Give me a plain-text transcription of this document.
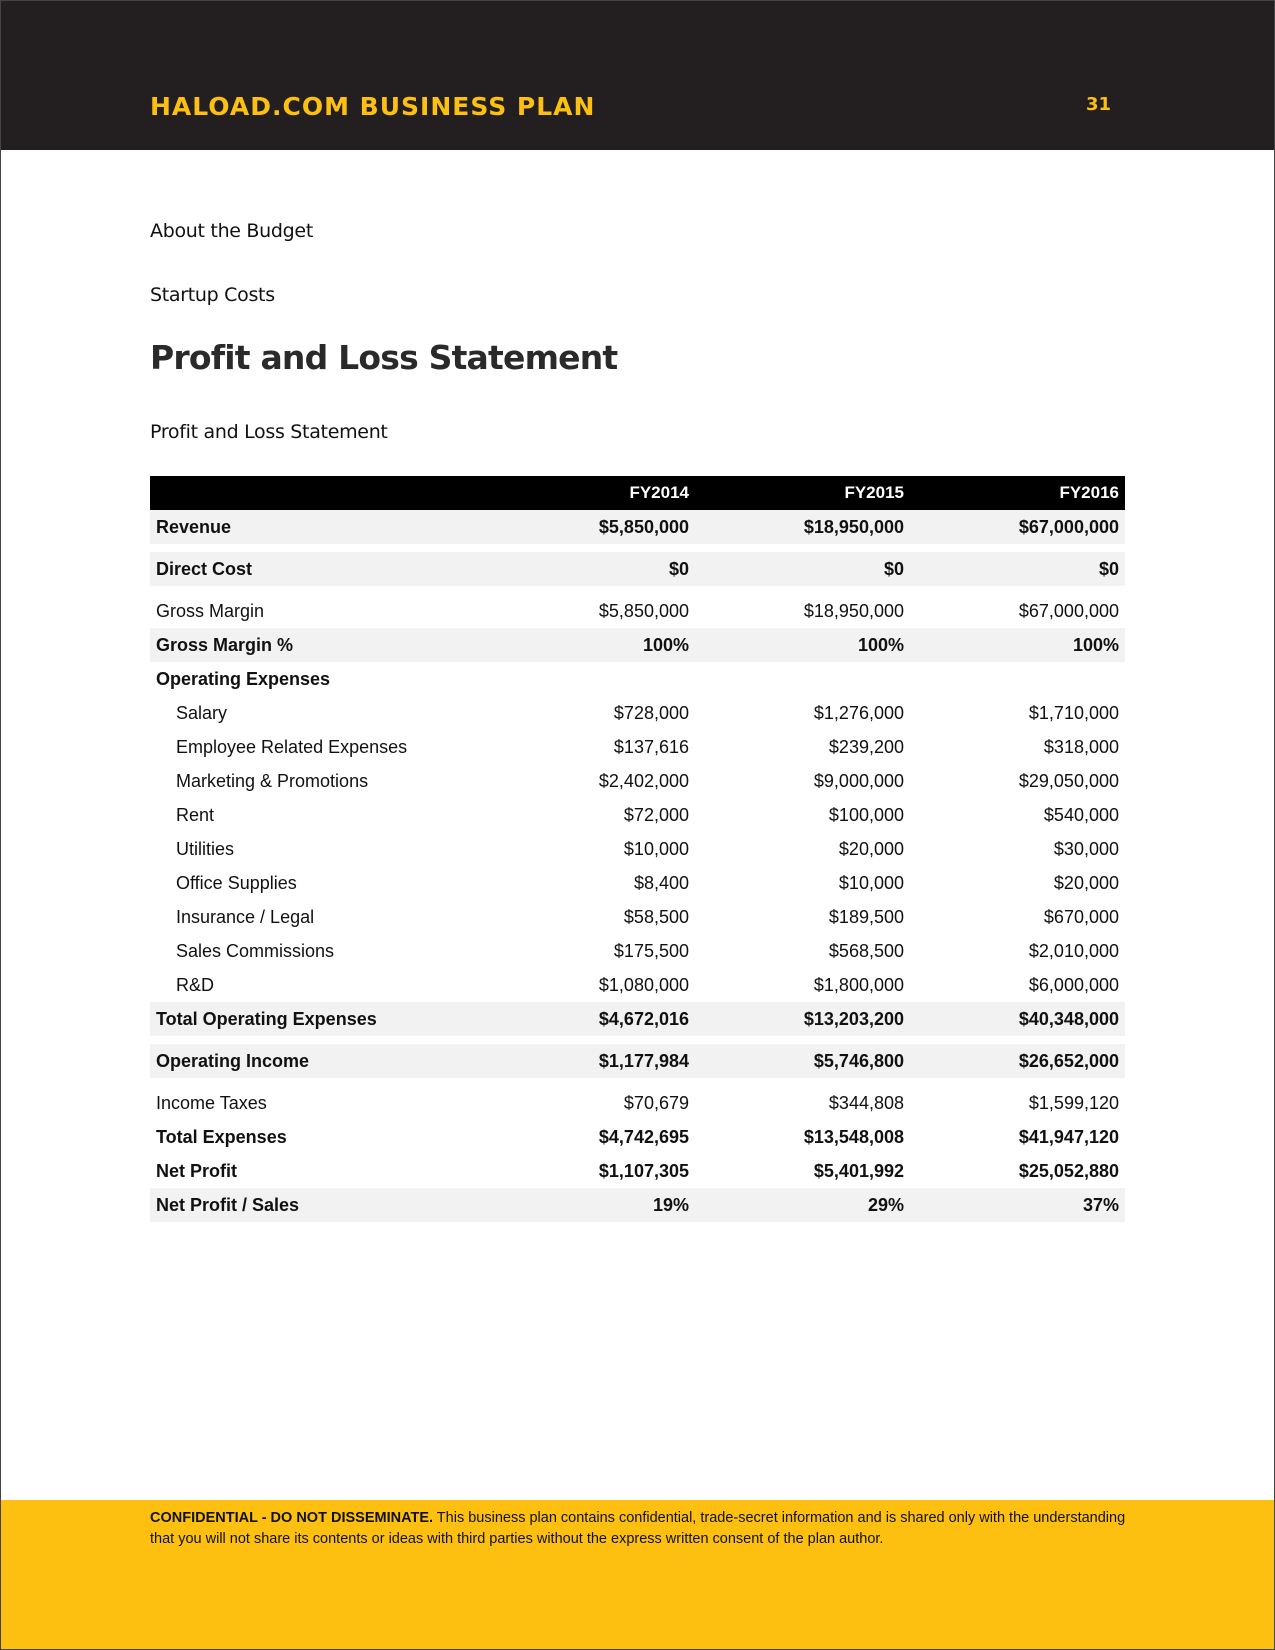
HALOAD.COM BUSINESS PLAN	31
About the Budget
Startup Costs
Profit and Loss Statement
Profit and Loss Statement
	FY2014	FY2015	FY2016
Revenue	$5,850,000	$18,950,000	$67,000,000

Direct Cost	$0	$0	$0

Gross Margin	$5,850,000	$18,950,000	$67,000,000
Gross Margin %	100%	100%	100%
Operating Expenses			
Salary	$728,000	$1,276,000	$1,710,000
Employee Related Expenses	$137,616	$239,200	$318,000
Marketing & Promotions	$2,402,000	$9,000,000	$29,050,000
Rent	$72,000	$100,000	$540,000
Utilities	$10,000	$20,000	$30,000
Office Supplies	$8,400	$10,000	$20,000
Insurance / Legal	$58,500	$189,500	$670,000
Sales Commissions	$175,500	$568,500	$2,010,000
R&D	$1,080,000	$1,800,000	$6,000,000
Total Operating Expenses	$4,672,016	$13,203,200	$40,348,000

Operating Income	$1,177,984	$5,746,800	$26,652,000

Income Taxes	$70,679	$344,808	$1,599,120
Total Expenses	$4,742,695	$13,548,008	$41,947,120
Net Profit	$1,107,305	$5,401,992	$25,052,880
Net Profit / Sales	19%	29%	37%
CONFIDENTIAL - DO NOT DISSEMINATE. This business plan contains confidential, trade-secret information and is shared only with the understanding that you will not share its contents or ideas with third parties without the express written consent of the plan author.
